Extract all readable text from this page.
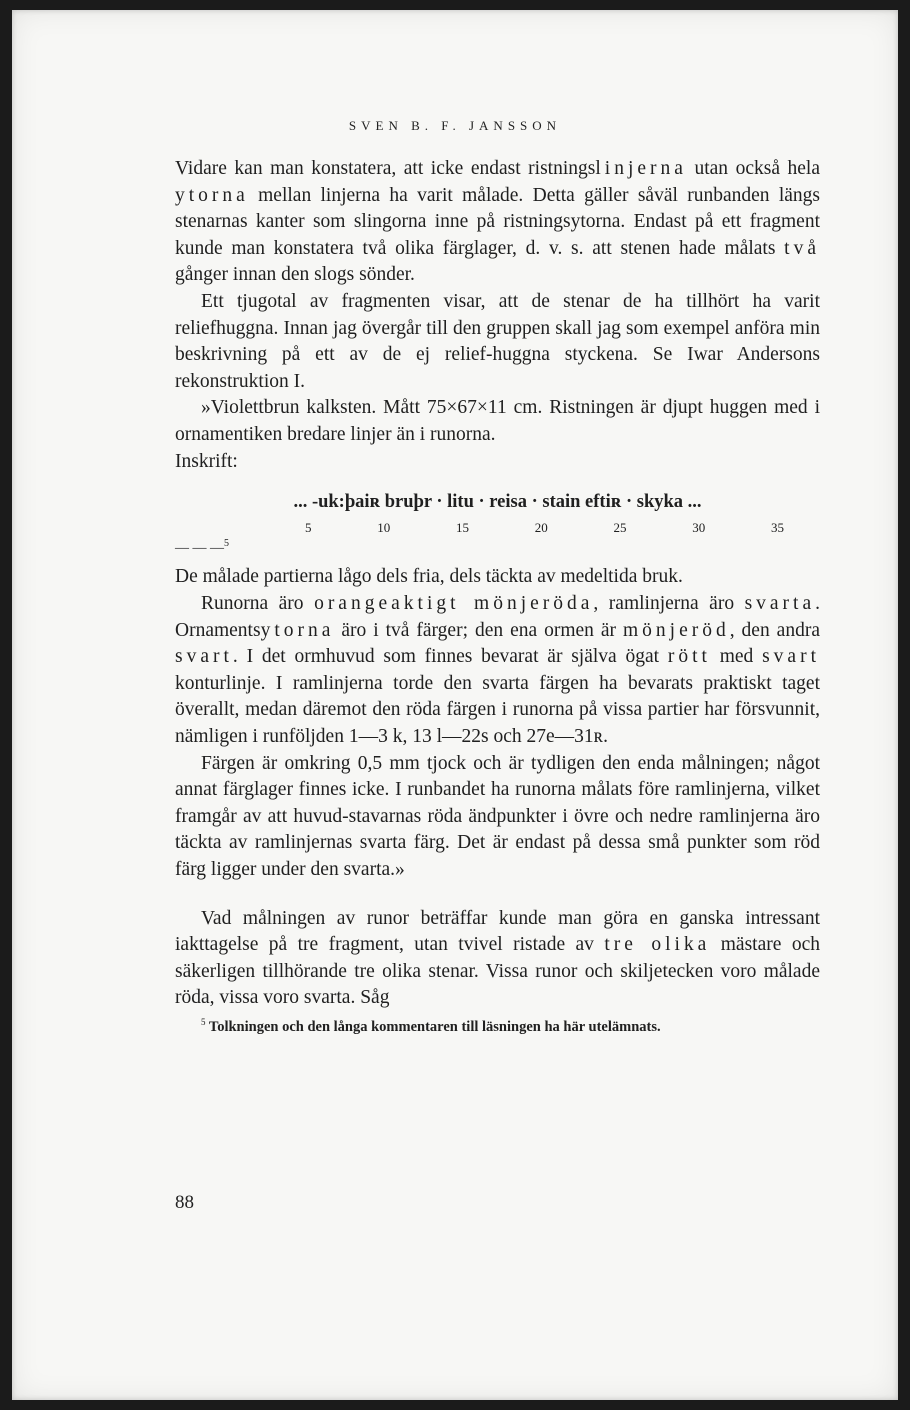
SVEN B. F. JANSSON

Vidare kan man konstatera, att icke endast ristningslinjerna utan också hela ytorna mellan linjerna ha varit målade. Detta gäller såväl runbanden längs stenarnas kanter som slingorna inne på ristningsytorna. Endast på ett fragment kunde man konstatera två olika färglager, d. v. s. att stenen hade målats två gånger innan den slogs sönder.

Ett tjugotal av fragmenten visar, att de stenar de ha tillhört ha varit reliefhuggna. Innan jag övergår till den gruppen skall jag som exempel anföra min beskrivning på ett av de ej relief-huggna styckena. Se Iwar Andersons rekonstruktion I.

»Violettbrun kalksten. Mått 75×67×11 cm. Ristningen är djupt huggen med i ornamentiken bredare linjer än i runorna.
Inskrift:

... -uk:þaiʀ bruþr · litu · reisa · stain eftiʀ · skyka ...
5	10	15	20	25	30	35
— — —$^5$

De målade partierna lågo dels fria, dels täckta av medeltida bruk.

Runorna äro orangeaktigt mönjeröda, ramlinjerna äro svarta. Ornamentsytorna äro i två färger; den ena ormen är mönjeröd, den andra svart. I det ormhuvud som finnes bevarat är själva ögat rött med svart konturlinje. I ramlinjerna torde den svarta färgen ha bevarats praktiskt taget överallt, medan däremot den röda färgen i runorna på vissa partier har försvunnit, nämligen i runföljden 1—3 k, 13 l—22s och 27e—31ʀ.

Färgen är omkring 0,5 mm tjock och är tydligen den enda målningen; något annat färglager finnes icke. I runbandet ha runorna målats före ramlinjerna, vilket framgår av att huvud-stavarnas röda ändpunkter i övre och nedre ramlinjerna äro täckta av ramlinjernas svarta färg. Det är endast på dessa små punkter som röd färg ligger under den svarta.»

Vad målningen av runor beträffar kunde man göra en ganska intressant iakttagelse på tre fragment, utan tvivel ristade av tre olika mästare och säkerligen tillhörande tre olika stenar. Vissa runor och skiljetecken voro målade röda, vissa voro svarta. Såg

$^5$ Tolkningen och den långa kommentaren till läsningen ha här utelämnats.

88
